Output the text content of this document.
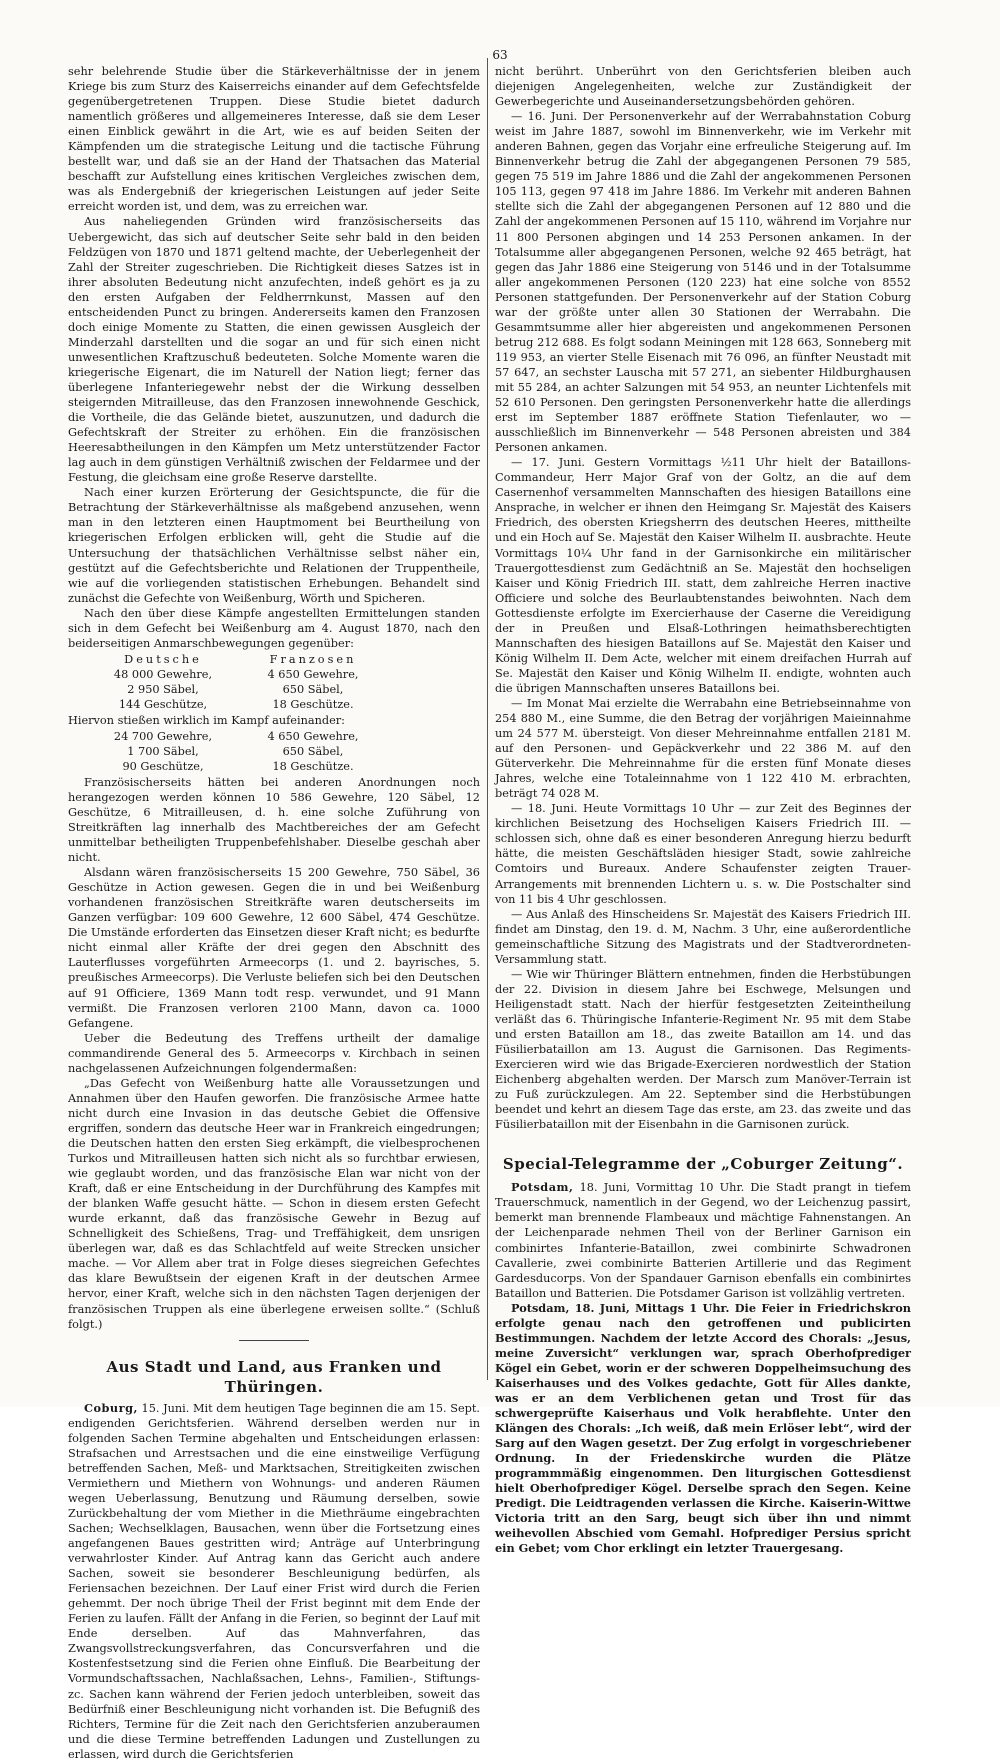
63

sehr belehrende Studie über die Stärkeverhältnisse der in jenem Kriege bis zum Sturz des Kaiserreichs einander auf dem Gefechtsfelde gegenübergetretenen Truppen. Diese Studie bietet dadurch namentlich größeres und allgemeineres Interesse, daß sie dem Leser einen Einblick gewährt in die Art, wie es auf beiden Seiten der Kämpfenden um die strategische Leitung und die tactische Führung bestellt war, und daß sie an der Hand der Thatsachen das Material beschafft zur Aufstellung eines kritischen Vergleiches zwischen dem, was als Endergebniß der kriegerischen Leistungen auf jeder Seite erreicht worden ist, und dem, was zu erreichen war.

Aus naheliegenden Gründen wird französischerseits das Uebergewicht, das sich auf deutscher Seite sehr bald in den beiden Feldzügen von 1870 und 1871 geltend machte, der Ueberlegenheit der Zahl der Streiter zugeschrieben. Die Richtigkeit dieses Satzes ist in ihrer absoluten Bedeutung nicht anzufechten, indeß gehört es ja zu den ersten Aufgaben der Feldherrnkunst, Massen auf den entscheidenden Punct zu bringen. Andererseits kamen den Franzosen doch einige Momente zu Statten, die einen gewissen Ausgleich der Minderzahl darstellten und die sogar an und für sich einen nicht unwesentlichen Kraftzuschuß bedeuteten. Solche Momente waren die kriegerische Eigenart, die im Naturell der Nation liegt; ferner das überlegene Infanteriegewehr nebst der die Wirkung desselben steigernden Mitrailleuse, das den Franzosen innewohnende Geschick, die Vortheile, die das Gelände bietet, auszunutzen, und dadurch die Gefechtskraft der Streiter zu erhöhen. Ein die französischen Heeresabtheilungen in den Kämpfen um Metz unterstützender Factor lag auch in dem günstigen Verhältniß zwischen der Feldarmee und der Festung, die gleichsam eine große Reserve darstellte.

Nach einer kurzen Erörterung der Gesichtspuncte, die für die Betrachtung der Stärkeverhältnisse als maßgebend anzusehen, wenn man in den letzteren einen Hauptmoment bei Beurtheilung von kriegerischen Erfolgen erblicken will, geht die Studie auf die Untersuchung der thatsächlichen Verhältnisse selbst näher ein, gestützt auf die Gefechtsberichte und Relationen der Truppentheile, wie auf die vorliegenden statistischen Erhebungen. Behandelt sind zunächst die Gefechte von Weißenburg, Wörth und Spicheren.

Nach den über diese Kämpfe angestellten Ermittelungen standen sich in dem Gefecht bei Weißenburg am 4. August 1870, nach den beiderseitigen Anmarschbewegungen gegenüber:

Deutsche	Franzosen
48 000 Gewehre,	4 650 Gewehre,
2 950 Säbel,	650 Säbel,
144 Geschütze,	18 Geschütze.

Hiervon stießen wirklich im Kampf aufeinander:

24 700 Gewehre,	4 650 Gewehre,
1 700 Säbel,	650 Säbel,
90 Geschütze,	18 Geschütze.

Französischerseits hätten bei anderen Anordnungen noch herangezogen werden können 10 586 Gewehre, 120 Säbel, 12 Geschütze, 6 Mitrailleusen, d. h. eine solche Zuführung von Streitkräften lag innerhalb des Machtbereiches der am Gefecht unmittelbar betheiligten Truppenbefehlshaber. Dieselbe geschah aber nicht.

Alsdann wären französischerseits 15 200 Gewehre, 750 Säbel, 36 Geschütze in Action gewesen. Gegen die in und bei Weißenburg vorhandenen französischen Streitkräfte waren deutscherseits im Ganzen verfügbar: 109 600 Gewehre, 12 600 Säbel, 474 Geschütze. Die Umstände erforderten das Einsetzen dieser Kraft nicht; es bedurfte nicht einmal aller Kräfte der drei gegen den Abschnitt des Lauterflusses vorgeführten Armeecorps (1. und 2. bayrisches, 5. preußisches Armeecorps). Die Verluste beliefen sich bei den Deutschen auf 91 Officiere, 1369 Mann todt resp. verwundet, und 91 Mann vermißt. Die Franzosen verloren 2100 Mann, davon ca. 1000 Gefangene.

Ueber die Bedeutung des Treffens urtheilt der damalige commandirende General des 5. Armeecorps v. Kirchbach in seinen nachgelassenen Aufzeichnungen folgendermaßen:

„Das Gefecht von Weißenburg hatte alle Voraussetzungen und Annahmen über den Haufen geworfen. Die französische Armee hatte nicht durch eine Invasion in das deutsche Gebiet die Offensive ergriffen, sondern das deutsche Heer war in Frankreich eingedrungen; die Deutschen hatten den ersten Sieg erkämpft, die vielbesprochenen Turkos und Mitrailleusen hatten sich nicht als so furchtbar erwiesen, wie geglaubt worden, und das französische Elan war nicht von der Kraft, daß er eine Entscheidung in der Durchführung des Kampfes mit der blanken Waffe gesucht hätte. — Schon in diesem ersten Gefecht wurde erkannt, daß das französische Gewehr in Bezug auf Schnelligkeit des Schießens, Trag- und Treffähigkeit, dem unsrigen überlegen war, daß es das Schlachtfeld auf weite Strecken unsicher mache. — Vor Allem aber trat in Folge dieses siegreichen Gefechtes das klare Bewußtsein der eigenen Kraft in der deutschen Armee hervor, einer Kraft, welche sich in den nächsten Tagen derjenigen der französischen Truppen als eine überlegene erweisen sollte.“ (Schluß folgt.)

Aus Stadt und Land, aus Franken und Thüringen.

Coburg, 15. Juni. Mit dem heutigen Tage beginnen die am 15. Sept. endigenden Gerichtsferien. Während derselben werden nur in folgenden Sachen Termine abgehalten und Entscheidungen erlassen: Strafsachen und Arrestsachen und die eine einstweilige Verfügung betreffenden Sachen, Meß- und Marktsachen, Streitigkeiten zwischen Vermiethern und Miethern von Wohnungs- und anderen Räumen wegen Ueberlassung, Benutzung und Räumung derselben, sowie Zurückbehaltung der vom Miether in die Miethräume eingebrachten Sachen; Wechselklagen, Bausachen, wenn über die Fortsetzung eines angefangenen Baues gestritten wird; Anträge auf Unterbringung verwahrloster Kinder. Auf Antrag kann das Gericht auch andere Sachen, soweit sie besonderer Beschleunigung bedürfen, als Feriensachen bezeichnen. Der Lauf einer Frist wird durch die Ferien gehemmt. Der noch übrige Theil der Frist beginnt mit dem Ende der Ferien zu laufen. Fällt der Anfang in die Ferien, so beginnt der Lauf mit Ende derselben. Auf das Mahnverfahren, das Zwangsvollstreckungsverfahren, das Concursverfahren und die Kostenfestsetzung sind die Ferien ohne Einfluß. Die Bearbeitung der Vormundschaftssachen, Nachlaßsachen, Lehns-, Familien-, Stiftungs- zc. Sachen kann während der Ferien jedoch unterbleiben, soweit das Bedürfniß einer Beschleunigung nicht vorhanden ist. Die Befugniß des Richters, Termine für die Zeit nach den Gerichtsferien anzuberaumen und die diese Termine betreffenden Ladungen und Zustellungen zu erlassen, wird durch die Gerichtsferien

nicht berührt. Unberührt von den Gerichtsferien bleiben auch diejenigen Angelegenheiten, welche zur Zuständigkeit der Gewerbegerichte und Auseinandersetzungsbehörden gehören.

— 16. Juni. Der Personenverkehr auf der Werrabahnstation Coburg weist im Jahre 1887, sowohl im Binnenverkehr, wie im Verkehr mit anderen Bahnen, gegen das Vorjahr eine erfreuliche Steigerung auf. Im Binnenverkehr betrug die Zahl der abgegangenen Personen 79 585, gegen 75 519 im Jahre 1886 und die Zahl der angekommenen Personen 105 113, gegen 97 418 im Jahre 1886. Im Verkehr mit anderen Bahnen stellte sich die Zahl der abgegangenen Personen auf 12 880 und die Zahl der angekommenen Personen auf 15 110, während im Vorjahre nur 11 800 Personen abgingen und 14 253 Personen ankamen. In der Totalsumme aller abgegangenen Personen, welche 92 465 beträgt, hat gegen das Jahr 1886 eine Steigerung von 5146 und in der Totalsumme aller angekommenen Personen (120 223) hat eine solche von 8552 Personen stattgefunden. Der Personenverkehr auf der Station Coburg war der größte unter allen 30 Stationen der Werrabahn. Die Gesammtsumme aller hier abgereisten und angekommenen Personen betrug 212 688. Es folgt sodann Meiningen mit 128 663, Sonneberg mit 119 953, an vierter Stelle Eisenach mit 76 096, an fünfter Neustadt mit 57 647, an sechster Lauscha mit 57 271, an siebenter Hildburghausen mit 55 284, an achter Salzungen mit 54 953, an neunter Lichtenfels mit 52 610 Personen. Den geringsten Personenverkehr hatte die allerdings erst im September 1887 eröffnete Station Tiefenlauter, wo — ausschließlich im Binnenverkehr — 548 Personen abreisten und 384 Personen ankamen.

— 17. Juni. Gestern Vormittags ½11 Uhr hielt der Bataillons-Commandeur, Herr Major Graf von der Goltz, an die auf dem Casernenhof versammelten Mannschaften des hiesigen Bataillons eine Ansprache, in welcher er ihnen den Heimgang Sr. Majestät des Kaisers Friedrich, des obersten Kriegsherrn des deutschen Heeres, mittheilte und ein Hoch auf Se. Majestät den Kaiser Wilhelm II. ausbrachte. Heute Vormittags 10¼ Uhr fand in der Garnisonkirche ein militärischer Trauergottesdienst zum Gedächtniß an Se. Majestät den hochseligen Kaiser und König Friedrich III. statt, dem zahlreiche Herren inactive Officiere und solche des Beurlaubtenstandes beiwohnten. Nach dem Gottesdienste erfolgte im Exercierhause der Caserne die Vereidigung der in Preußen und Elsaß-Lothringen heimathsberechtigten Mannschaften des hiesigen Bataillons auf Se. Majestät den Kaiser und König Wilhelm II. Dem Acte, welcher mit einem dreifachen Hurrah auf Se. Majestät den Kaiser und König Wilhelm II. endigte, wohnten auch die übrigen Mannschaften unseres Bataillons bei.

— Im Monat Mai erzielte die Werrabahn eine Betriebseinnahme von 254 880 M., eine Summe, die den Betrag der vorjährigen Maieinnahme um 24 577 M. übersteigt. Von dieser Mehreinnahme entfallen 2181 M. auf den Personen- und Gepäckverkehr und 22 386 M. auf den Güterverkehr. Die Mehreinnahme für die ersten fünf Monate dieses Jahres, welche eine Totaleinnahme von 1 122 410 M. erbrachten, beträgt 74 028 M.

— 18. Juni. Heute Vormittags 10 Uhr — zur Zeit des Beginnes der kirchlichen Beisetzung des Hochseligen Kaisers Friedrich III. — schlossen sich, ohne daß es einer besonderen Anregung hierzu bedurft hätte, die meisten Geschäftsläden hiesiger Stadt, sowie zahlreiche Comtoirs und Bureaux. Andere Schaufenster zeigten Trauer-Arrangements mit brennenden Lichtern u. s. w. Die Postschalter sind von 11 bis 4 Uhr geschlossen.

— Aus Anlaß des Hinscheidens Sr. Majestät des Kaisers Friedrich III. findet am Dinstag, den 19. d. M, Nachm. 3 Uhr, eine außerordentliche gemeinschaftliche Sitzung des Magistrats und der Stadtverordneten-Versammlung statt.

— Wie wir Thüringer Blättern entnehmen, finden die Herbstübungen der 22. Division in diesem Jahre bei Eschwege, Melsungen und Heiligenstadt statt. Nach der hierfür festgesetzten Zeiteintheilung verläßt das 6. Thüringische Infanterie-Regiment Nr. 95 mit dem Stabe und ersten Bataillon am 18., das zweite Bataillon am 14. und das Füsilierbataillon am 13. August die Garnisonen. Das Regiments-Exercieren wird wie das Brigade-Exercieren nordwestlich der Station Eichenberg abgehalten werden. Der Marsch zum Manöver-Terrain ist zu Fuß zurückzulegen. Am 22. September sind die Herbstübungen beendet und kehrt an diesem Tage das erste, am 23. das zweite und das Füsilierbataillon mit der Eisenbahn in die Garnisonen zurück.

Special-Telegramme der „Coburger Zeitung“.

Potsdam, 18. Juni, Vormittag 10 Uhr. Die Stadt prangt in tiefem Trauerschmuck, namentlich in der Gegend, wo der Leichenzug passirt, bemerkt man brennende Flambeaux und mächtige Fahnenstangen. An der Leichenparade nehmen Theil von der Berliner Garnison ein combinirtes Infanterie-Bataillon, zwei combinirte Schwadronen Cavallerie, zwei combinirte Batterien Artillerie und das Regiment Gardesducorps. Von der Spandauer Garnison ebenfalls ein combinirtes Bataillon und Batterien. Die Potsdamer Garison ist vollzählig vertreten.

Potsdam, 18. Juni, Mittags 1 Uhr. Die Feier in Friedrichskron erfolgte genau nach den getroffenen und publicirten Bestimmungen. Nachdem der letzte Accord des Chorals: „Jesus, meine Zuversicht“ verklungen war, sprach Oberhofprediger Kögel ein Gebet, worin er der schweren Doppelheimsuchung des Kaiserhauses und des Volkes gedachte, Gott für Alles dankte, was er an dem Verblichenen getan und Trost für das schwergeprüfte Kaiserhaus und Volk herabflehte. Unter den Klängen des Chorals: „Ich weiß, daß mein Erlöser lebt“, wird der Sarg auf den Wagen gesetzt. Der Zug erfolgt in vorgeschriebener Ordnung. In der Friedenskirche wurden die Plätze programmmäßig eingenommen. Den liturgischen Gottesdienst hielt Oberhofprediger Kögel. Derselbe sprach den Segen. Keine Predigt. Die Leidtragenden verlassen die Kirche. Kaiserin-Wittwe Victoria tritt an den Sarg, beugt sich über ihn und nimmt weihevollen Abschied vom Gemahl. Hofprediger Persius spricht ein Gebet; vom Chor erklingt ein letzter Trauergesang.
